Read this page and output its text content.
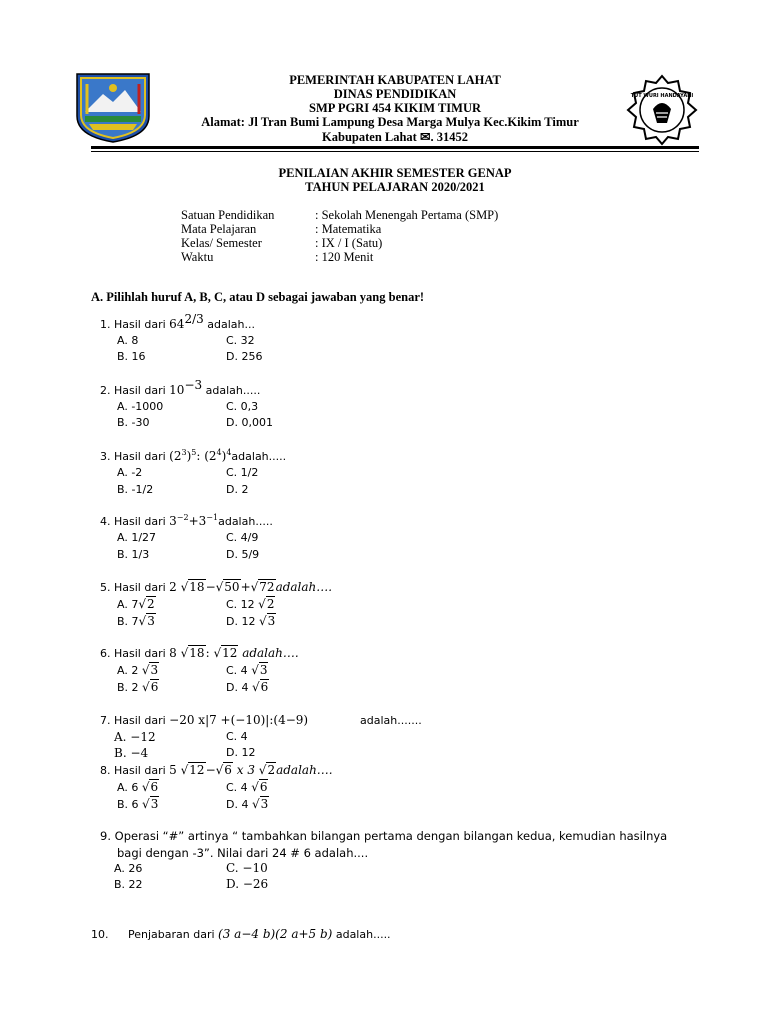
TUT WURI HANDAYANI
PEMERINTAH KABUPATEN LAHAT
DINAS PENDIDIKAN
SMP PGRI 454 KIKIM TIMUR
Alamat: Jl Tran Bumi Lampung Desa Marga Mulya Kec.Kikim Timur
Kabupaten Lahat ✉. 31452
PENILAIAN AKHIR SEMESTER GENAP
TAHUN PELAJARAN 2020/2021
Satuan Pendidikan	: Sekolah Menengah Pertama (SMP)
Mata Pelajaran	: Matematika
Kelas/ Semester	: IX / I (Satu)
Waktu	: 120 Menit
A. Pilihlah huruf A, B, C, atau D sebagai jawaban yang benar!
1. Hasil dari $64^{2/3}$ adalah...
A. 8	C. 32
B. 16	D. 256
2. Hasil dari $10^{-3}$ adalah.....
A. -1000	C. 0,3
B. -30	D. 0,001
3. Hasil dari $(2^3)^5$: $(2^4)^4adalah$.....
A. -2	C. 1/2
B. -1/2	D. 2
4. Hasil dari $3^{-2}+3^{-1}adalah$.....
A. 1/27	C. 4/9
B. 1/3	D. 5/9
5. Hasil dari 2 √18−√50+√72adalah….
A. 7√2	C. 12 √2
B. 7√3	D. 12 √3
6. Hasil dari 8 √18: √12 adalah….
A. 2 √3	C. 4 √3
B. 2 √6	D. 4 √6
7. Hasil dari −20 x|7 +(−10)|:(4−9)	adalah.......
A. −12	C. 4
B. −4	D. 12
8. Hasil dari 5 √12−√6 x 3 √2adalah….
A. 6 √6	C. 4 √6
B. 6 √3	D. 4 √3
9. Operasi “#” artinya “ tambahkan bilangan pertama dengan bilangan kedua, kemudian hasilnya
bagi dengan -3”. Nilai dari 24 # 6 adalah....
A. 26	C. −10
B. 22	D. −26
10. Penjabaran dari (3 a−4 b)(2 a+5 b) adalah.....
